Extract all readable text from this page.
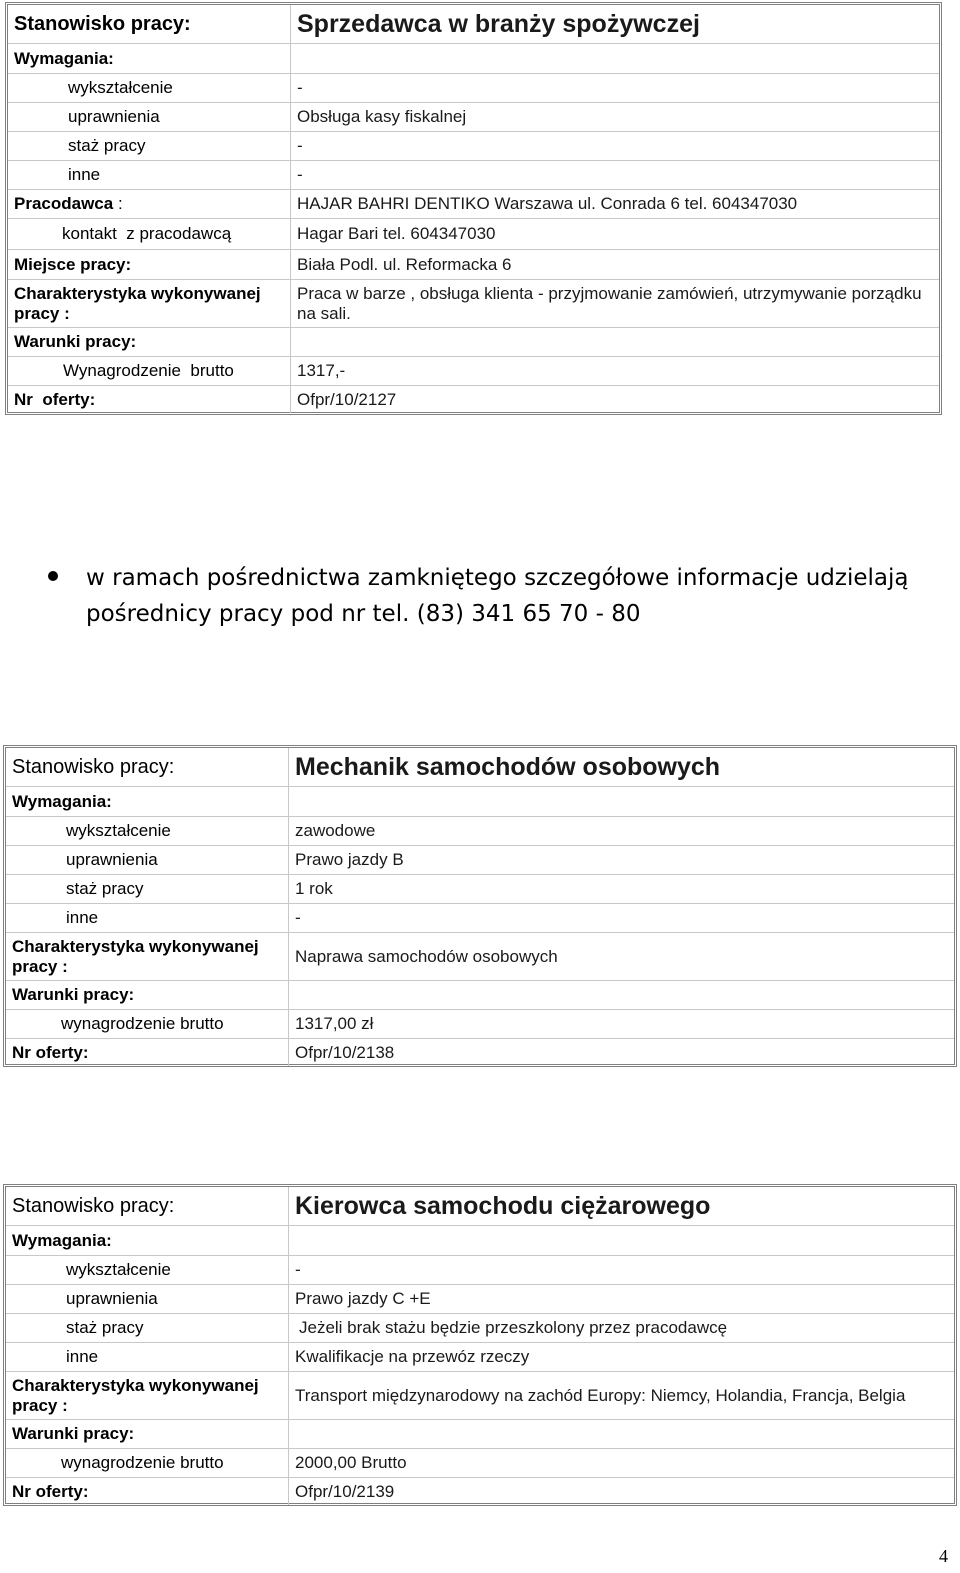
Stanowisko pracy:	Sprzedawca w branży spożywczej
Wymagania:
wykształcenie	-
uprawnienia	Obsługa kasy fiskalnej
staż pracy	-
inne	-
Pracodawca :	HAJAR BAHRI DENTIKO Warszawa ul. Conrada 6 tel. 604347030
kontakt  z pracodawcą	Hagar Bari tel. 604347030
Miejsce pracy:	Biała Podl. ul. Reformacka 6
Charakterystyka wykonywanej pracy :
Praca w barze , obsługa klienta - przyjmowanie zamówień, utrzymywanie porządku na sali.
Warunki pracy:
Wynagrodzenie  brutto	1317,-
Nr  oferty:	Ofpr/10/2127
w ramach pośrednictwa zamkniętego szczegółowe informacje udzielają pośrednicy pracy pod nr tel. (83) 341 65 70 - 80
Stanowisko pracy:	Mechanik samochodów osobowych
Wymagania:
wykształcenie	zawodowe
uprawnienia	Prawo jazdy B
staż pracy	1 rok
inne	-
Charakterystyka wykonywanej pracy :
Naprawa samochodów osobowych
Warunki pracy:
wynagrodzenie brutto	1317,00 zł
Nr oferty:	Ofpr/10/2138
Stanowisko pracy:	Kierowca samochodu ciężarowego
Wymagania:
wykształcenie	-
uprawnienia	Prawo jazdy C +E
staż pracy	Jeżeli brak stażu będzie przeszkolony przez pracodawcę
inne	Kwalifikacje na przewóz rzeczy
Charakterystyka wykonywanej pracy :
Transport międzynarodowy na zachód Europy: Niemcy, Holandia, Francja, Belgia
Warunki pracy:
wynagrodzenie brutto	2000,00 Brutto
Nr oferty:	Ofpr/10/2139
4
